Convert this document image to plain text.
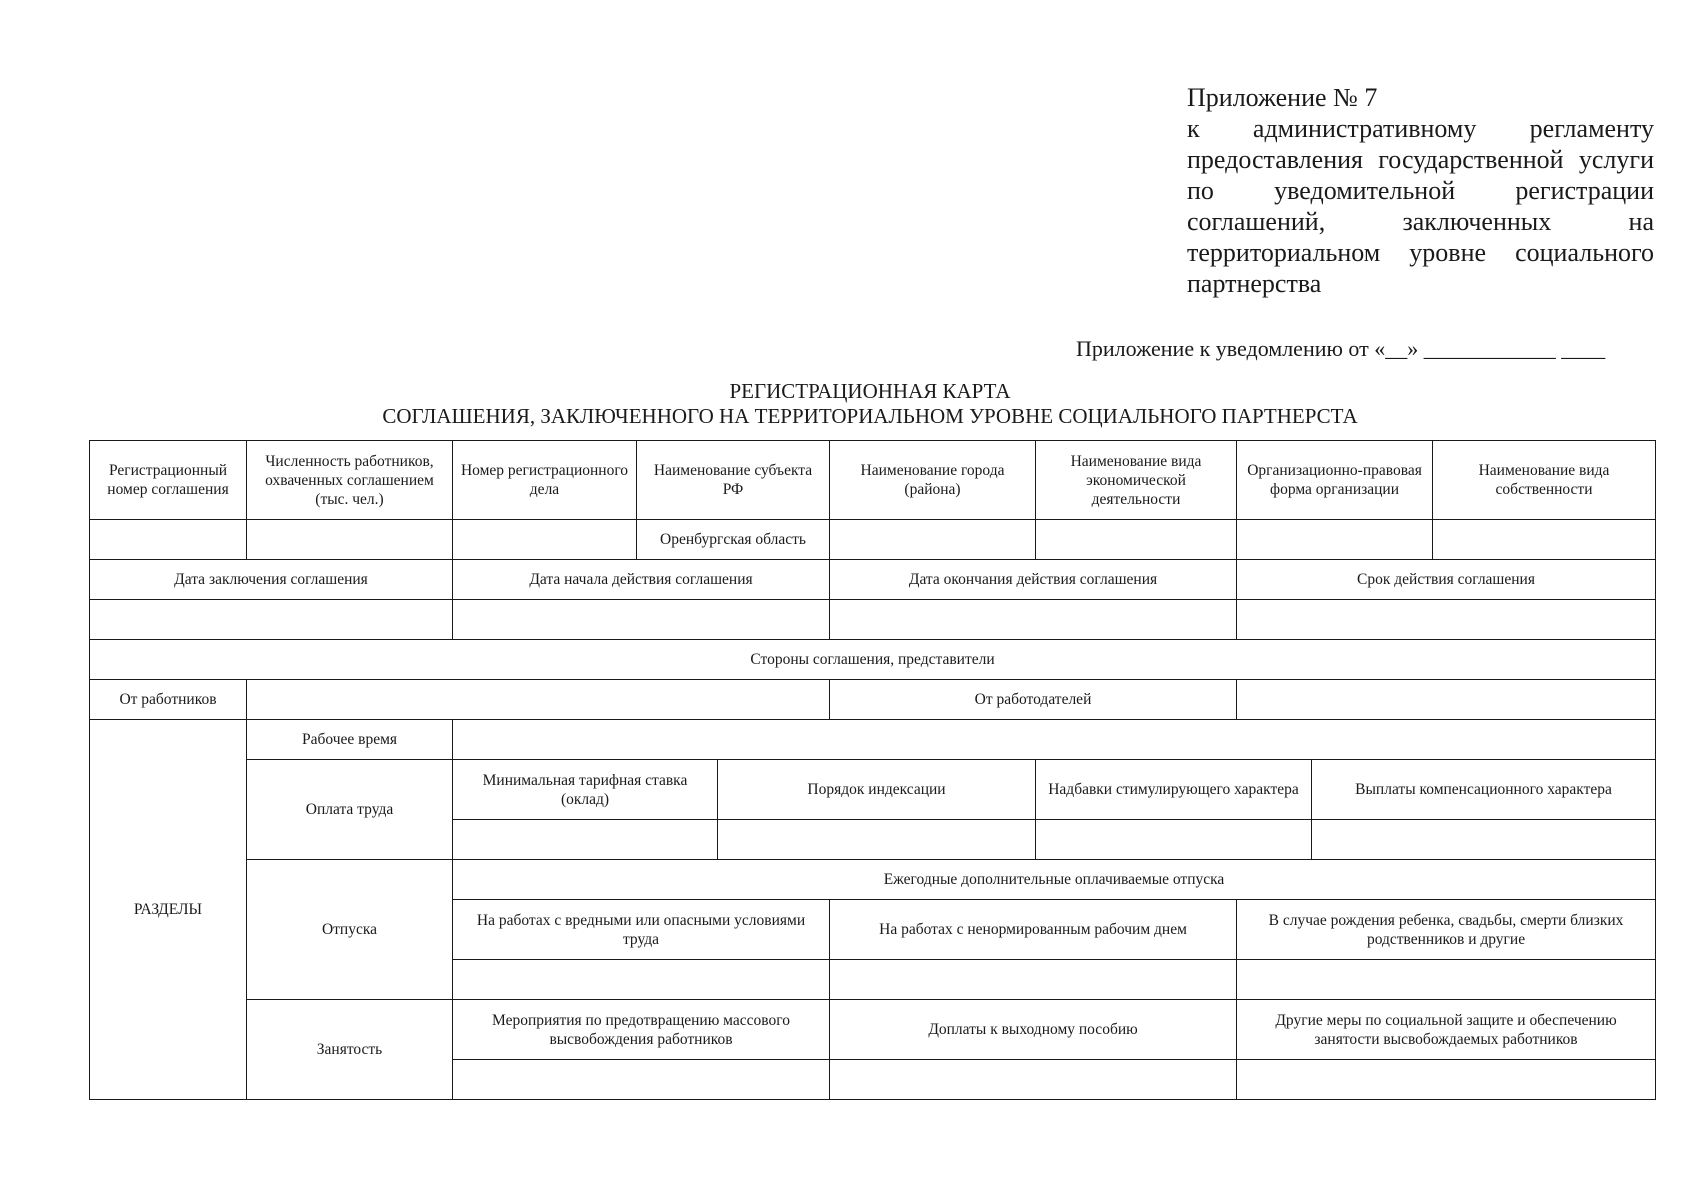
Приложение № 7
к административному регламенту предоставления государственной услуги по уведомительной регистрации соглашений, заключенных на территориальном уровне социального партнерства
Приложение к уведомлению от «__» ____________ ____
РЕГИСТРАЦИОННАЯ КАРТА
СОГЛАШЕНИЯ, ЗАКЛЮЧЕННОГО НА ТЕРРИТОРИАЛЬНОМ УРОВНЕ СОЦИАЛЬНОГО ПАРТНЕРСТА
Регистрационный номер соглашения	Численность работников, охваченных соглашением (тыс. чел.)	Номер регистрационного дела	Наименование субъекта РФ		Наименование города (района)	Наименование вида экономической деятельности	Организационно-правовая форма организации		Наименование вида собственности
			Оренбургская область						
Дата заключения соглашения		Дата начала действия соглашения			Дата окончания действия соглашения		Срок действия соглашения		

Стороны соглашения, представители									
От работников					От работодателей				
РАЗДЕЛЫ	Рабочее время								
	Оплата труда	Минимальная тарифная ставка (оклад)		Порядок индексации		Надбавки стимулирующего характера		Выплаты компенсационного характера	

	Отпуска	Ежегодные дополнительные оплачиваемые отпуска							
		На работах с вредными или опасными условиями труда			На работах с ненормированным рабочим днем		В случае рождения ребенка, свадьбы, смерти близких родственников и другие		

	Занятость	Мероприятия по предотвращению массового высвобождения работников			Доплаты к выходному пособию		Другие меры по социальной защите и обеспечению занятости высвобождаемых работников		
